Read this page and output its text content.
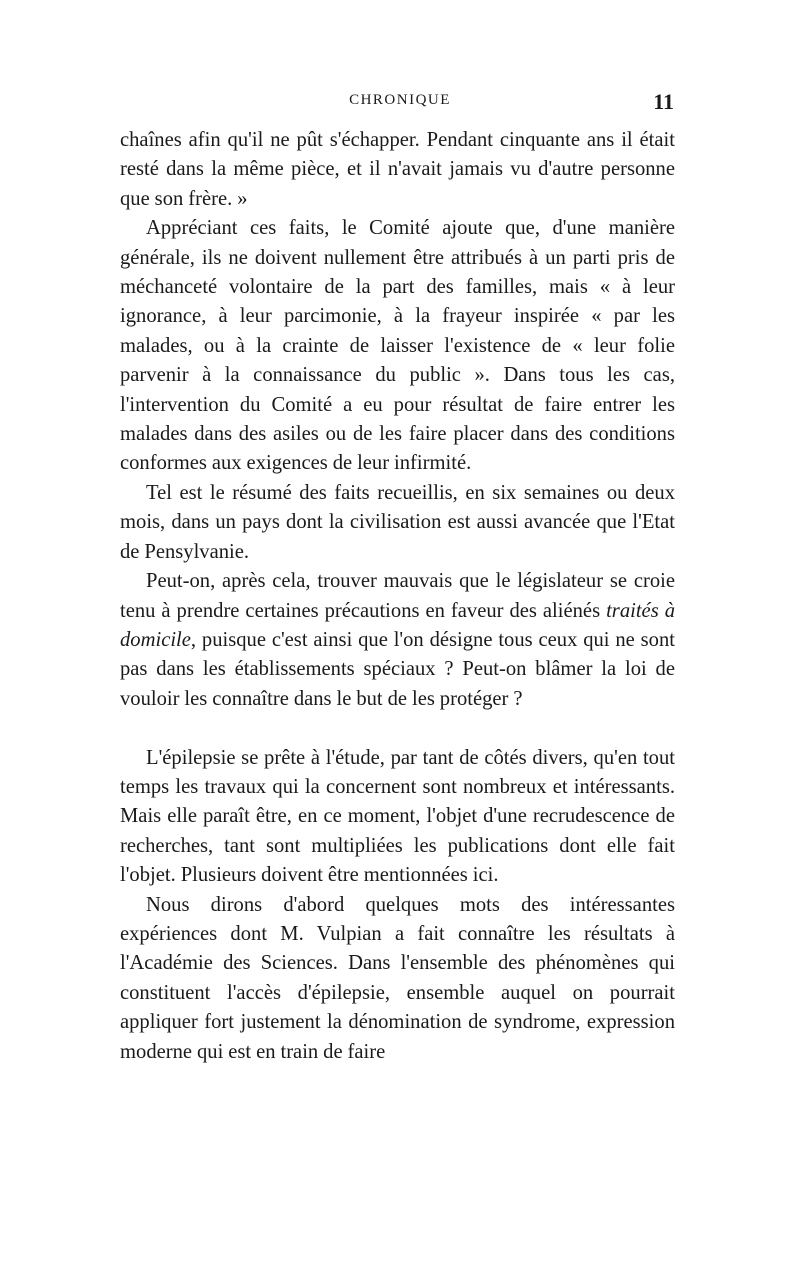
CHRONIQUE	11

chaînes afin qu'il ne pût s'échapper. Pendant cinquante ans il était resté dans la même pièce, et il n'avait jamais vu d'autre personne que son frère. »

Appréciant ces faits, le Comité ajoute que, d'une manière générale, ils ne doivent nullement être attribués à un parti pris de méchanceté volontaire de la part des familles, mais « à leur ignorance, à leur parcimonie, à la frayeur inspirée « par les malades, ou à la crainte de laisser l'existence de « leur folie parvenir à la connaissance du public ». Dans tous les cas, l'intervention du Comité a eu pour résultat de faire entrer les malades dans des asiles ou de les faire placer dans des conditions conformes aux exigences de leur infirmité.

Tel est le résumé des faits recueillis, en six semaines ou deux mois, dans un pays dont la civilisation est aussi avancée que l'Etat de Pensylvanie.

Peut-on, après cela, trouver mauvais que le législateur se croie tenu à prendre certaines précautions en faveur des aliénés traités à domicile, puisque c'est ainsi que l'on désigne tous ceux qui ne sont pas dans les établissements spéciaux ? Peut-on blâmer la loi de vouloir les connaître dans le but de les protéger ?

L'épilepsie se prête à l'étude, par tant de côtés divers, qu'en tout temps les travaux qui la concernent sont nombreux et intéressants. Mais elle paraît être, en ce moment, l'objet d'une recrudescence de recherches, tant sont multipliées les publications dont elle fait l'objet. Plusieurs doivent être mentionnées ici.

Nous dirons d'abord quelques mots des intéressantes expériences dont M. Vulpian a fait connaître les résultats à l'Académie des Sciences. Dans l'ensemble des phénomènes qui constituent l'accès d'épilepsie, ensemble auquel on pourrait appliquer fort justement la dénomination de syndrome, expression moderne qui est en train de faire
